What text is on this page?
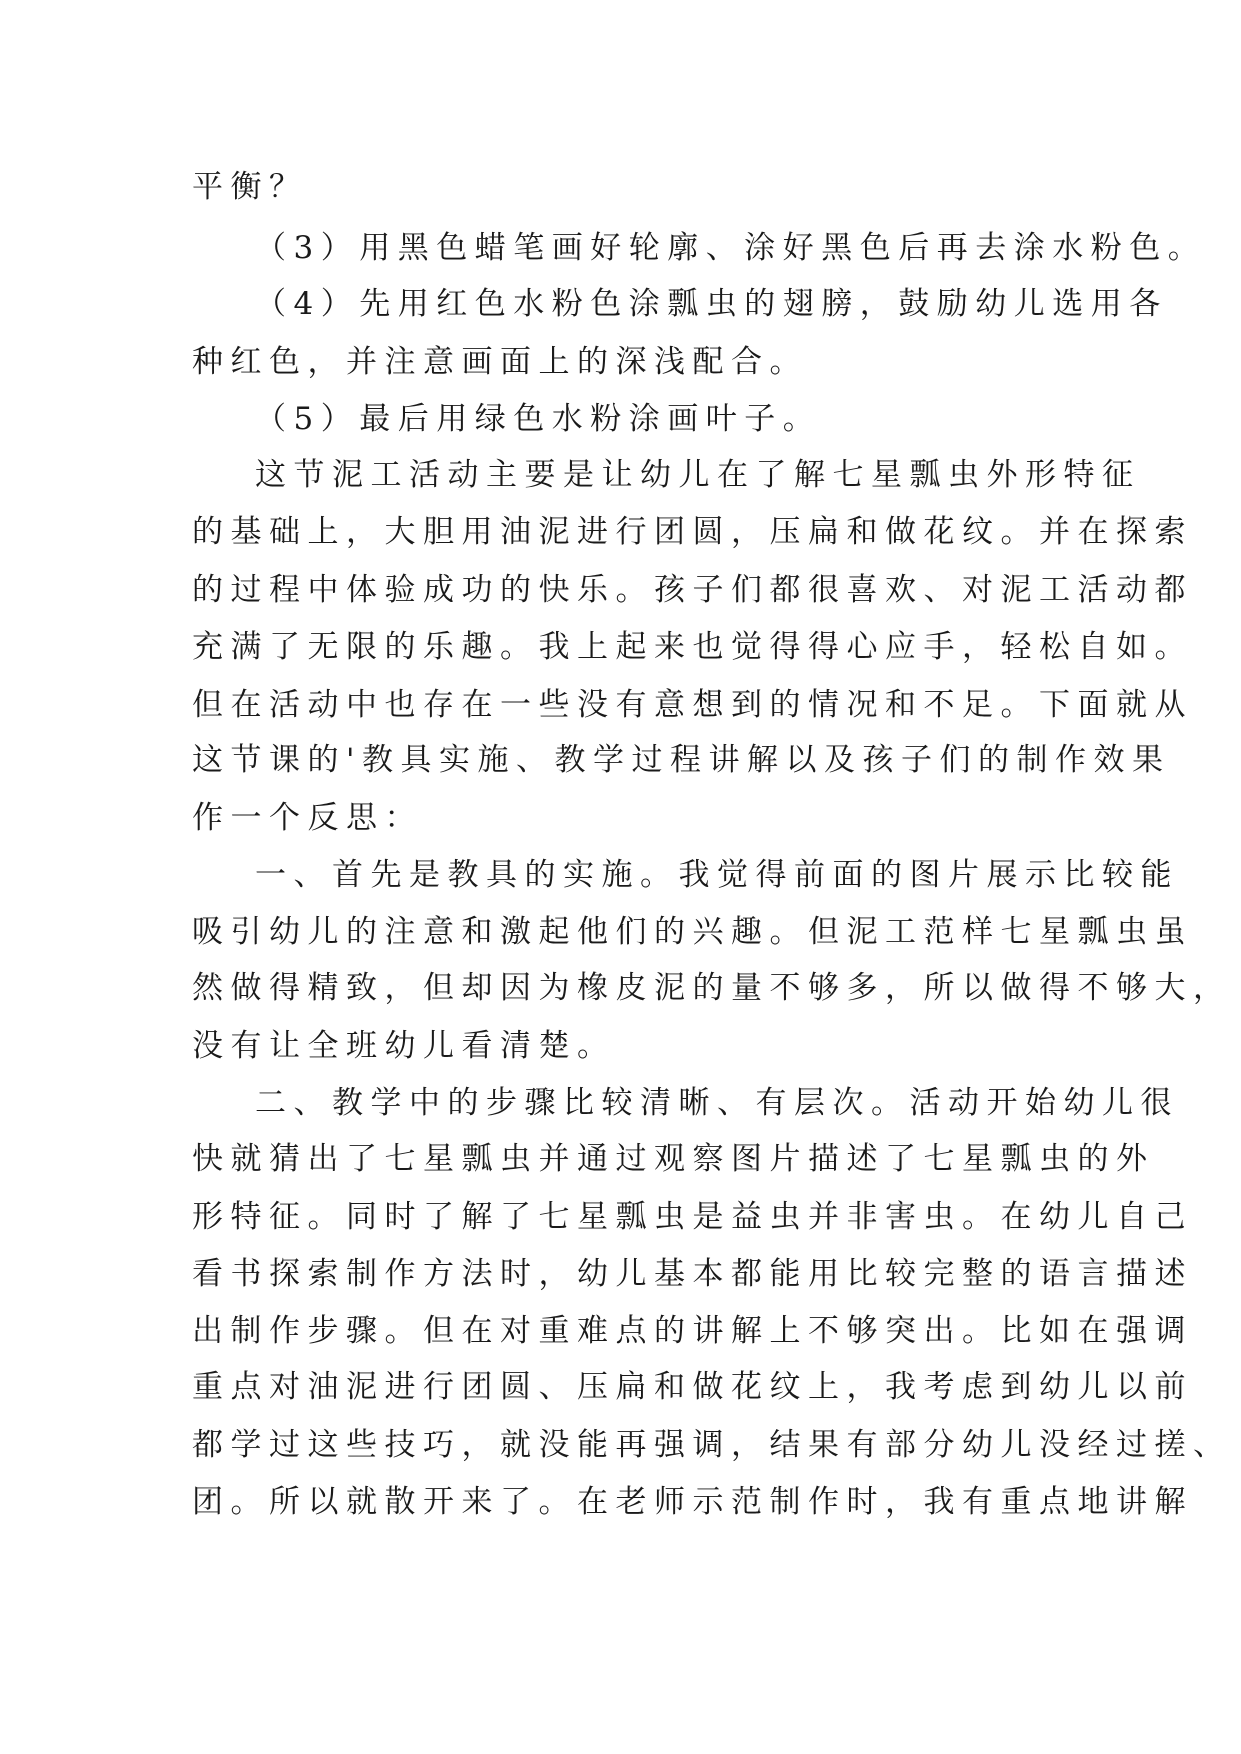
平衡？
（3）用黑色蜡笔画好轮廓、涂好黑色后再去涂水粉色。
（4）先用红色水粉色涂瓢虫的翅膀，鼓励幼儿选用各
种红色，并注意画面上的深浅配合。
（5）最后用绿色水粉涂画叶子。
这节泥工活动主要是让幼儿在了解七星瓢虫外形特征
的基础上，大胆用油泥进行团圆，压扁和做花纹。并在探索
的过程中体验成功的快乐。孩子们都很喜欢、对泥工活动都
充满了无限的乐趣。我上起来也觉得得心应手，轻松自如。
但在活动中也存在一些没有意想到的情况和不足。下面就从
这节课的'教具实施、教学过程讲解以及孩子们的制作效果
作一个反思：
一、首先是教具的实施。我觉得前面的图片展示比较能
吸引幼儿的注意和激起他们的兴趣。但泥工范样七星瓢虫虽
然做得精致，但却因为橡皮泥的量不够多，所以做得不够大，
没有让全班幼儿看清楚。
二、教学中的步骤比较清晰、有层次。活动开始幼儿很
快就猜出了七星瓢虫并通过观察图片描述了七星瓢虫的外
形特征。同时了解了七星瓢虫是益虫并非害虫。在幼儿自己
看书探索制作方法时，幼儿基本都能用比较完整的语言描述
出制作步骤。但在对重难点的讲解上不够突出。比如在强调
重点对油泥进行团圆、压扁和做花纹上，我考虑到幼儿以前
都学过这些技巧，就没能再强调，结果有部分幼儿没经过搓、
团。所以就散开来了。在老师示范制作时，我有重点地讲解
